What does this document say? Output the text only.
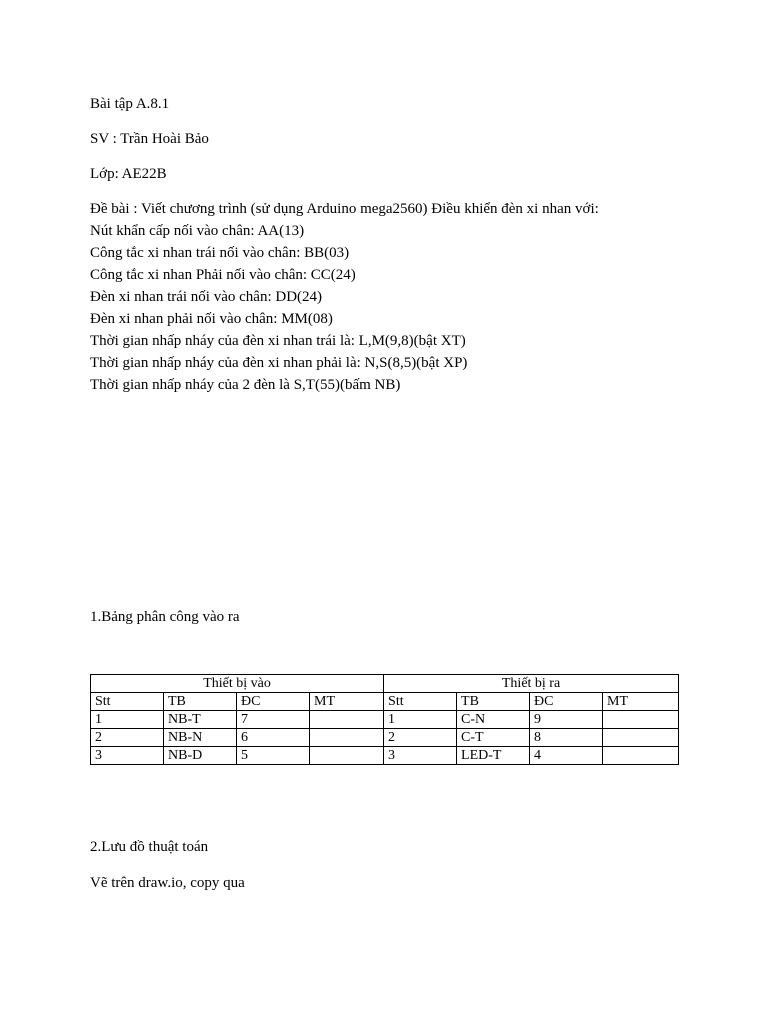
Bài tập A.8.1
SV : Trần Hoài Bảo
Lớp: AE22B
Đề bài : Viết chương trình (sử dụng Arduino mega2560) Điều khiển đèn xi nhan với:
Nút khẩn cấp nối vào chân: AA(13)
Công tắc xi nhan trái nối vào chân: BB(03)
Công tắc xi nhan Phải nối vào chân: CC(24)
Đèn xi nhan trái nối vào chân: DD(24)
Đèn xi nhan phải nối vào chân: MM(08)
Thời gian nhấp nháy của đèn xi nhan trái là: L,M(9,8)(bật XT)
Thời gian nhấp nháy của đèn xi nhan phải là: N,S(8,5)(bật XP)
Thời gian nhấp nháy của 2 đèn là S,T(55)(bấm NB)
1.Bảng phân công vào ra
Thiết bị vào				Thiết bị ra			
Stt	TB	ĐC	MT	Stt	TB	ĐC	MT
1	NB-T	7		1	C-N	9	
2	NB-N	6		2	C-T	8	
3	NB-D	5		3	LED-T	4	
2.Lưu đồ thuật toán
Vẽ trên draw.io, copy qua
